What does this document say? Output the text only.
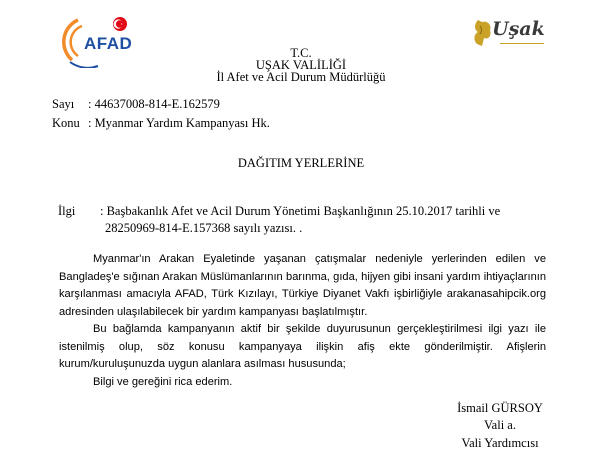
AFAD
Uşak
T.C.
UŞAK VALİLİĞİ
İl Afet ve Acil Durum Müdürlüğü
Sayı : 44637008-814-E.162579
Konu : Myanmar Yardım Kampanyası Hk.
DAĞITIM YERLERİNE
İlgi : Başbakanlık Afet ve Acil Durum Yönetimi Başkanlığının 25.10.2017 tarihli ve
28250969-814-E.157368 sayılı yazısı. .

Myanmar'ın Arakan Eyaletinde yaşanan çatışmalar nedeniyle yerlerinden edilen ve Bangladeş'e sığınan Arakan Müslümanlarının barınma, gıda, hijyen gibi insani yardım ihtiyaçlarının karşılanması amacıyla AFAD, Türk Kızılayı, Türkiye Diyanet Vakfı işbirliğiyle arakanasahipcik.org adresinden ulaşılabilecek bir yardım kampanyası başlatılmıştır.

Bu bağlamda kampanyanın aktif bir şekilde duyurusunun gerçekleştirilmesi ilgi yazı ile istenilmiş olup, söz konusu kampanyaya ilişkin afiş ekte gönderilmiştir. Afişlerin kurum/kuruluşunuzda uygun alanlara asılması hususunda;

Bilgi ve gereğini rica ederim.

İsmail GÜRSOY
Vali a.
Vali Yardımcısı
